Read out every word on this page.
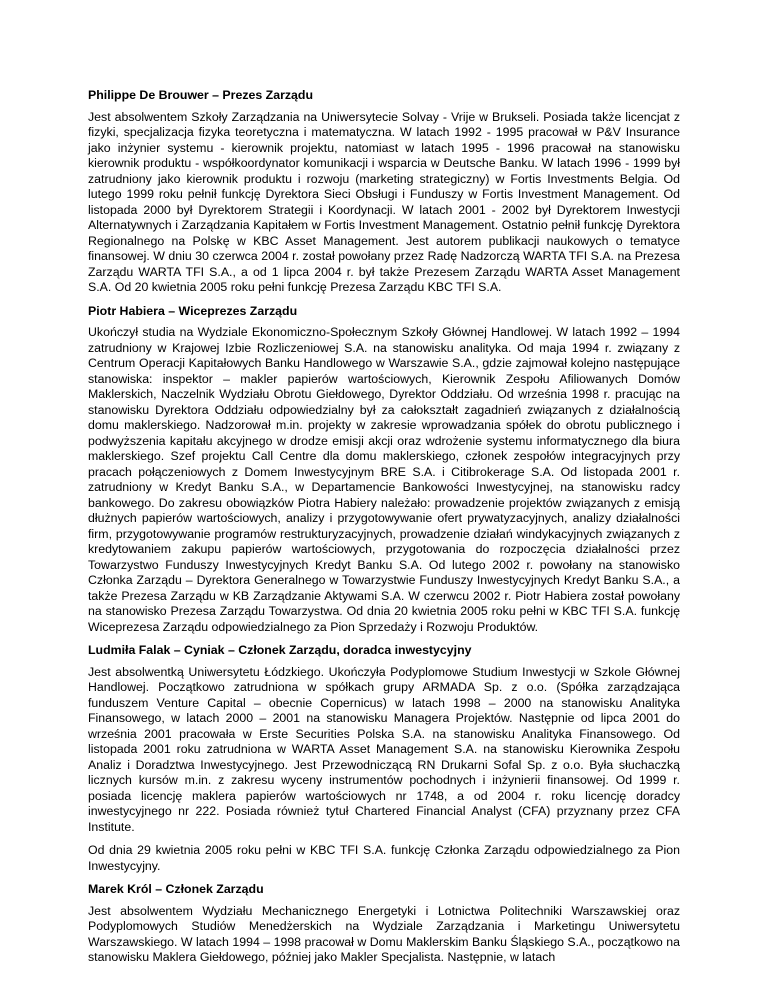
Philippe De Brouwer – Prezes Zarządu

Jest absolwentem Szkoły Zarządzania na Uniwersytecie Solvay - Vrije w Brukseli. Posiada także licencjat z fizyki, specjalizacja fizyka teoretyczna i matematyczna. W latach 1992 - 1995 pracował w P&V Insurance jako inżynier systemu - kierownik projektu, natomiast w latach 1995 - 1996 pracował na stanowisku kierownik produktu - współkoordynator komunikacji i wsparcia w Deutsche Banku. W latach 1996 - 1999 był zatrudniony jako kierownik produktu i rozwoju (marketing strategiczny) w Fortis Investments Belgia. Od lutego 1999 roku pełnił funkcję Dyrektora Sieci Obsługi i Funduszy w Fortis Investment Management. Od listopada 2000 był Dyrektorem Strategii i Koordynacji. W latach 2001 - 2002 był Dyrektorem Inwestycji Alternatywnych i Zarządzania Kapitałem w Fortis Investment Management. Ostatnio pełnił funkcję Dyrektora Regionalnego na Polskę w KBC Asset Management. Jest autorem publikacji naukowych o tematyce finansowej. W dniu 30 czerwca 2004 r. został powołany przez Radę Nadzorczą WARTA TFI S.A. na Prezesa Zarządu WARTA TFI S.A., a od 1 lipca 2004 r. był także Prezesem Zarządu WARTA Asset Management S.A. Od 20 kwietnia 2005 roku pełni funkcję Prezesa Zarządu KBC TFI S.A.

Piotr Habiera – Wiceprezes Zarządu

Ukończył studia na Wydziale Ekonomiczno-Społecznym Szkoły Głównej Handlowej. W latach 1992 – 1994 zatrudniony w Krajowej Izbie Rozliczeniowej S.A. na stanowisku analityka. Od maja 1994 r. związany z Centrum Operacji Kapitałowych Banku Handlowego w Warszawie S.A., gdzie zajmował kolejno następujące stanowiska: inspektor – makler papierów wartościowych, Kierownik Zespołu Afiliowanych Domów Maklerskich, Naczelnik Wydziału Obrotu Giełdowego, Dyrektor Oddziału. Od września 1998 r. pracując na stanowisku Dyrektora Oddziału odpowiedzialny był za całokształt zagadnień związanych z działalnością domu maklerskiego. Nadzorował m.in. projekty w zakresie wprowadzania spółek do obrotu publicznego i podwyższenia kapitału akcyjnego w drodze emisji akcji oraz wdrożenie systemu informatycznego dla biura maklerskiego. Szef projektu Call Centre dla domu maklerskiego, członek zespołów integracyjnych przy pracach połączeniowych z Domem Inwestycyjnym BRE S.A. i Citibrokerage S.A. Od listopada 2001 r. zatrudniony w Kredyt Banku S.A., w Departamencie Bankowości Inwestycyjnej, na stanowisku radcy bankowego. Do zakresu obowiązków Piotra Habiery należało: prowadzenie projektów związanych z emisją dłużnych papierów wartościowych, analizy i przygotowywanie ofert prywatyzacyjnych, analizy działalności firm, przygotowywanie programów restrukturyzacyjnych, prowadzenie działań windykacyjnych związanych z kredytowaniem zakupu papierów wartościowych, przygotowania do rozpoczęcia działalności przez Towarzystwo Funduszy Inwestycyjnych Kredyt Banku S.A. Od lutego 2002 r. powołany na stanowisko Członka Zarządu – Dyrektora Generalnego w Towarzystwie Funduszy Inwestycyjnych Kredyt Banku S.A., a także Prezesa Zarządu w KB Zarządzanie Aktywami S.A. W czerwcu 2002 r. Piotr Habiera został powołany na stanowisko Prezesa Zarządu Towarzystwa. Od dnia 20 kwietnia 2005 roku pełni w KBC TFI S.A. funkcję Wiceprezesa Zarządu odpowiedzialnego za Pion Sprzedaży i Rozwoju Produktów.

Ludmiła Falak – Cyniak – Członek Zarządu, doradca inwestycyjny

Jest absolwentką Uniwersytetu Łódzkiego. Ukończyła Podyplomowe Studium Inwestycji w Szkole Głównej Handlowej. Początkowo zatrudniona w spółkach grupy ARMADA Sp. z o.o. (Spółka zarządzająca funduszem Venture Capital – obecnie Copernicus) w latach 1998 – 2000 na stanowisku Analityka Finansowego, w latach 2000 – 2001 na stanowisku Managera Projektów. Następnie od lipca 2001 do września 2001 pracowała w Erste Securities Polska S.A. na stanowisku Analityka Finansowego. Od listopada 2001 roku zatrudniona w WARTA Asset Management S.A. na stanowisku Kierownika Zespołu Analiz i Doradztwa Inwestycyjnego. Jest Przewodniczącą RN Drukarni Sofal Sp. z o.o. Była słuchaczką licznych kursów m.in. z zakresu wyceny instrumentów pochodnych i inżynierii finansowej. Od 1999 r. posiada licencję maklera papierów wartościowych nr 1748, a od 2004 r. roku licencję doradcy inwestycyjnego nr 222. Posiada również tytuł Chartered Financial Analyst (CFA) przyznany przez CFA Institute.

Od dnia 29 kwietnia 2005 roku pełni w KBC TFI S.A. funkcję Członka Zarządu odpowiedzialnego za Pion Inwestycyjny.

Marek Król – Członek Zarządu

Jest absolwentem Wydziału Mechanicznego Energetyki i Lotnictwa Politechniki Warszawskiej oraz Podyplomowych Studiów Menedżerskich na Wydziale Zarządzania i Marketingu Uniwersytetu Warszawskiego. W latach 1994 – 1998 pracował w Domu Maklerskim Banku Śląskiego S.A., początkowo na stanowisku Maklera Giełdowego, później jako Makler Specjalista. Następnie, w latach
